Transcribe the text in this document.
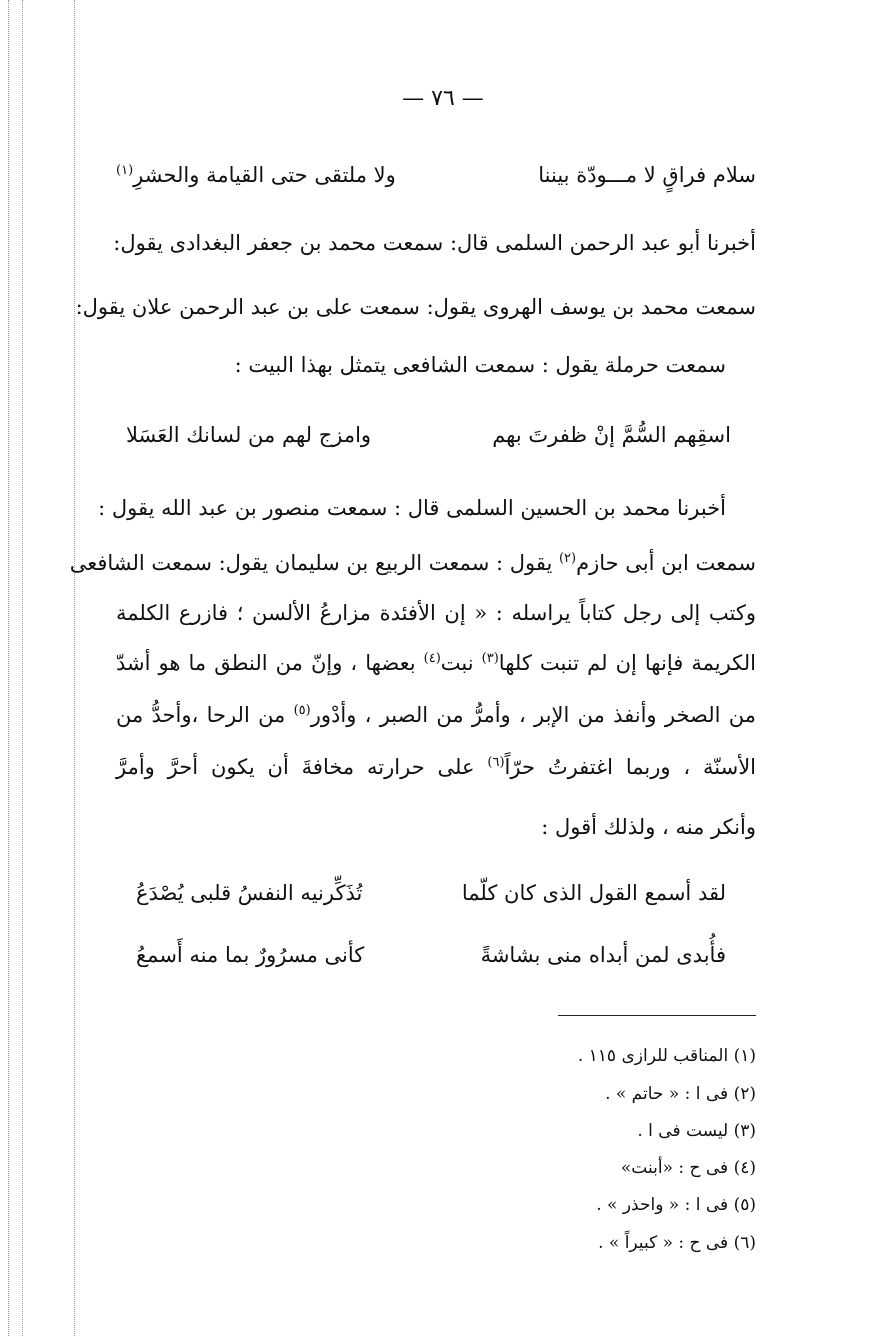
— ٧٦ —
سلام فراقٍ لا مـــودّة بيننا
ولا ملتقى حتى القيامة والحشرِ$^{(١)}$
أخبرنا أبو عبد الرحمن السلمى قال: سمعت محمد بن جعفر البغدادى يقول:
سمعت محمد بن يوسف الهروى يقول: سمعت على بن عبد الرحمن علان يقول:
سمعت حرملة يقول : سمعت الشافعى يتمثل بهذا البيت :
اسقِهم السُّمَّ إنْ ظفرتَ بهم
وامزج لهم من لسانك العَسَلا
أخبرنا محمد بن الحسين السلمى قال : سمعت منصور بن عبد الله يقول :
سمعت ابن أبى حازم$^{(٢)}$ يقول : سمعت الربيع بن سليمان يقول: سمعت الشافعى
وكتب إلى رجل كتاباً يراسله : « إن الأفئدة مزارعُ الألسن ؛ فازرع الكلمة
الكريمة فإنها إن لم تنبت كلها$^{(٣)}$ نبت$^{(٤)}$ بعضها ، وإنّ من النطق ما هو أشدّ
من الصخر وأنفذ من الإبر ، وأمرُّ من الصبر ، وأدْور$^{(٥)}$ من الرحا ،وأحدُّ من
الأسنّة ، وربما اغتفرتُ حرّاً$^{(٦)}$ على حرارته مخافةَ أن يكون أحرَّ وأمرَّ
وأنكر منه ، ولذلك أقول :
لقد أسمع القول الذى كان كلّما
تُذَكِّرنيه النفسُ قلبى يُصْدَعُ
فأُبدى لمن أبداه منى بشاشةً
كأنى مسرُورٌ بما منه أَسمعُ
(١) المناقب للرازى ١١٥ .
(٢) فى ا : « حاتم » .
(٣) ليست فى ا .
(٤) فى ح : «أبنت»
(٥) فى ا : « واحذر » .
(٦) فى ح : « كبيراً » .
